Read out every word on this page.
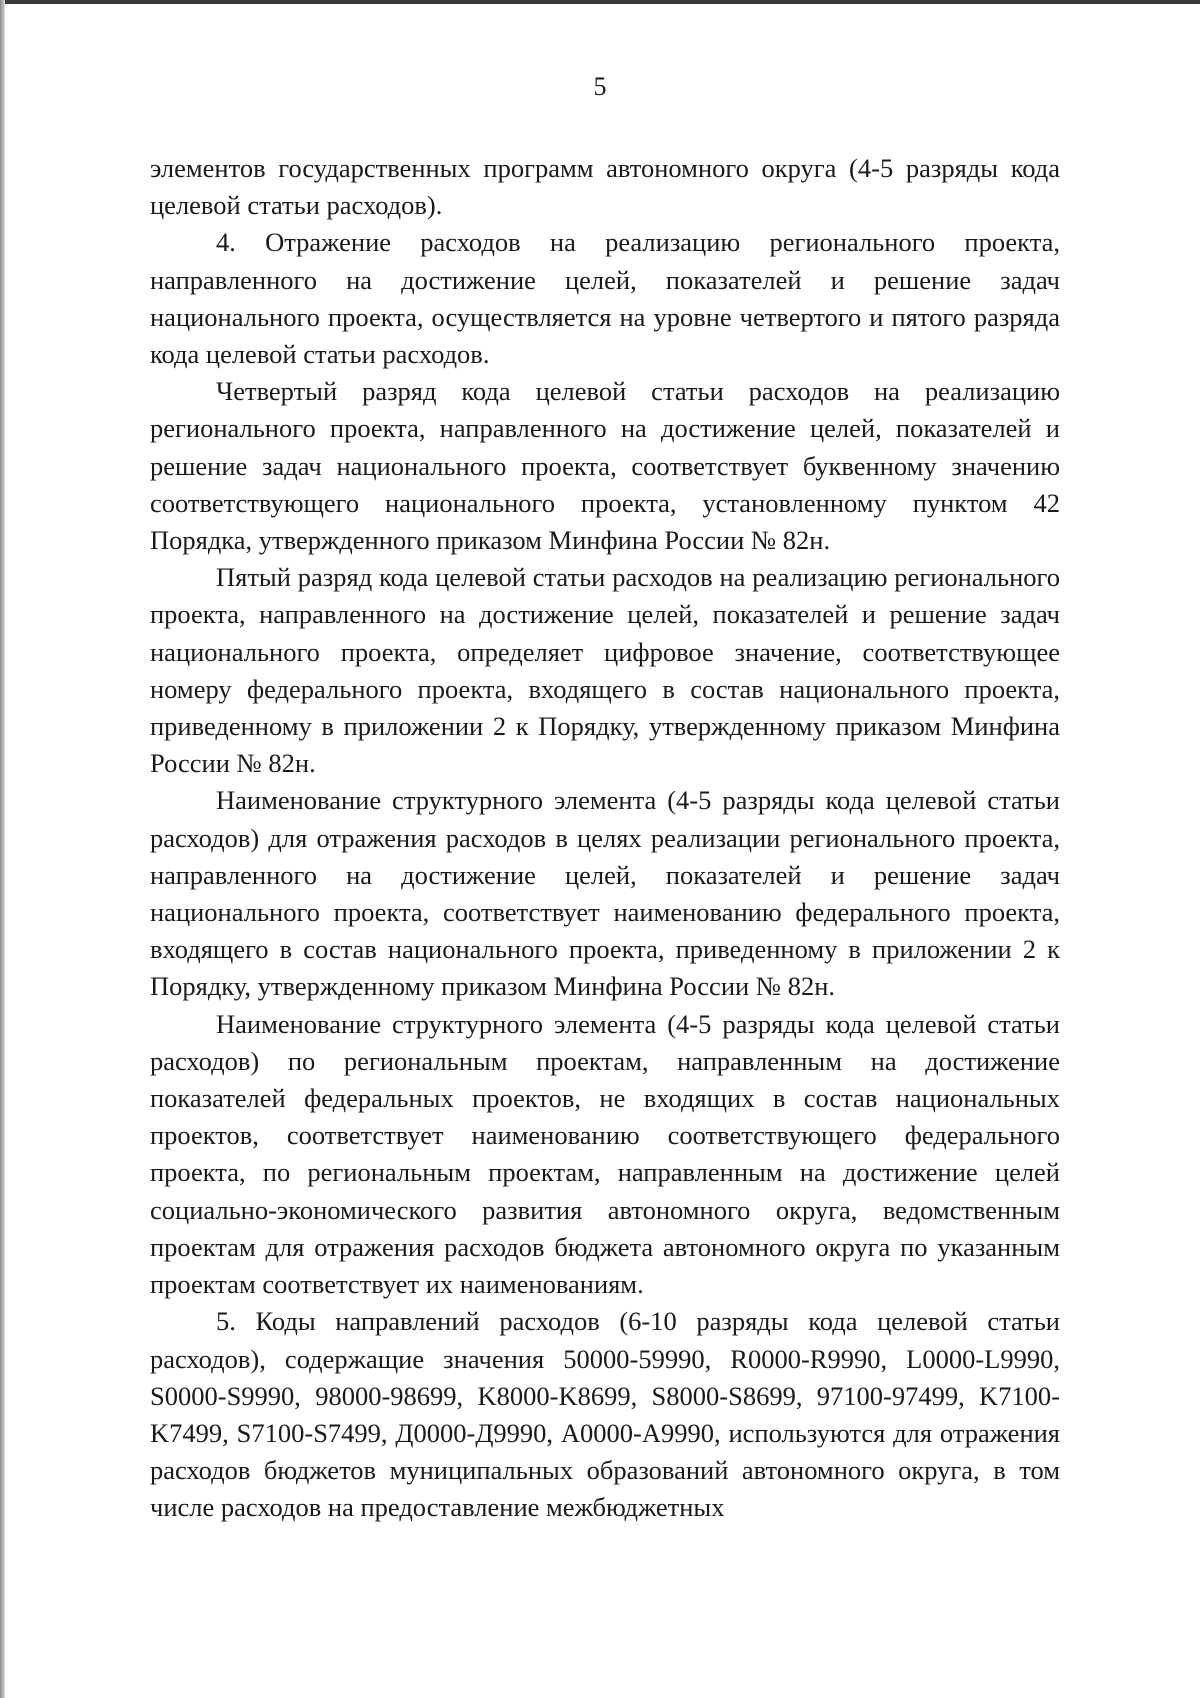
5

элементов государственных программ автономного округа (4-5 разряды кода целевой статьи расходов).

4. Отражение расходов на реализацию регионального проекта, направленного на достижение целей, показателей и решение задач национального проекта, осуществляется на уровне четвертого и пятого разряда кода целевой статьи расходов.

Четвертый разряд кода целевой статьи расходов на реализацию регионального проекта, направленного на достижение целей, показателей и решение задач национального проекта, соответствует буквенному значению соответствующего национального проекта, установленному пунктом 42 Порядка, утвержденного приказом Минфина России № 82н.

Пятый разряд кода целевой статьи расходов на реализацию регионального проекта, направленного на достижение целей, показателей и решение задач национального проекта, определяет цифровое значение, соответствующее номеру федерального проекта, входящего в состав национального проекта, приведенному в приложении 2 к Порядку, утвержденному приказом Минфина России № 82н.

Наименование структурного элемента (4-5 разряды кода целевой статьи расходов) для отражения расходов в целях реализации регионального проекта, направленного на достижение целей, показателей и решение задач национального проекта, соответствует наименованию федерального проекта, входящего в состав национального проекта, приведенному в приложении 2 к Порядку, утвержденному приказом Минфина России № 82н.

Наименование структурного элемента (4-5 разряды кода целевой статьи расходов) по региональным проектам, направленным на достижение показателей федеральных проектов, не входящих в состав национальных проектов, соответствует наименованию соответствующего федерального проекта, по региональным проектам, направленным на достижение целей социально-экономического развития автономного округа, ведомственным проектам для отражения расходов бюджета автономного округа по указанным проектам соответствует их наименованиям.

5. Коды направлений расходов (6-10 разряды кода целевой статьи расходов), содержащие значения 50000-59990, R0000-R9990, L0000-L9990, S0000-S9990, 98000-98699, K8000-K8699, S8000-S8699, 97100-97499, K7100-K7499, S7100-S7499, Д0000-Д9990, A0000-A9990, используются для отражения расходов бюджетов муниципальных образований автономного округа, в том числе расходов на предоставление межбюджетных
